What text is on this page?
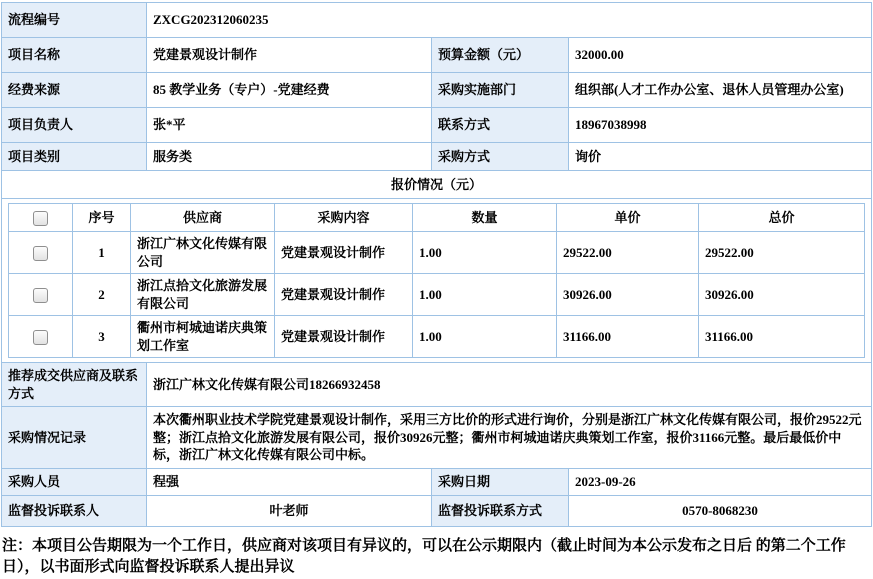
流程编号	ZXCG202312060235
项目名称	党建景观设计制作	预算金额（元）	32000.00
经费来源	85 教学业务（专户）-党建经费	采购实施部门	组织部(人才工作办公室、退休人员管理办公室)
项目负责人	张*平	联系方式	18967038998
项目类别	服务类	采购方式	询价
报价情况（元）

	序号	供应商	采购内容	数量	单价	总价
	1	浙江广林文化传媒有限公司	党建景观设计制作	1.00	29522.00	29522.00
	2	浙江点拾文化旅游发展有限公司	党建景观设计制作	1.00	30926.00	30926.00
	3	衢州市柯城迪诺庆典策划工作室	党建景观设计制作	1.00	31166.00	31166.00

推荐成交供应商及联系方式	浙江广林文化传媒有限公司18266932458
采购情况记录	本次衢州职业技术学院党建景观设计制作，采用三方比价的形式进行询价，分别是浙江广林文化传媒有限公司，报价29522元整；浙江点拾文化旅游发展有限公司，报价30926元整；衢州市柯城迪诺庆典策划工作室，报价31166元整。最后最低价中标，浙江广林文化传媒有限公司中标。
采购人员	程强	采购日期	2023-09-26
监督投诉联系人	叶老师	监督投诉联系方式	0570-8068230
注：本项目公告期限为一个工作日，供应商对该项目有异议的，可以在公示期限内（截止时间为本公示发布之日后 的第二个工作日），以书面形式向监督投诉联系人提出异议
